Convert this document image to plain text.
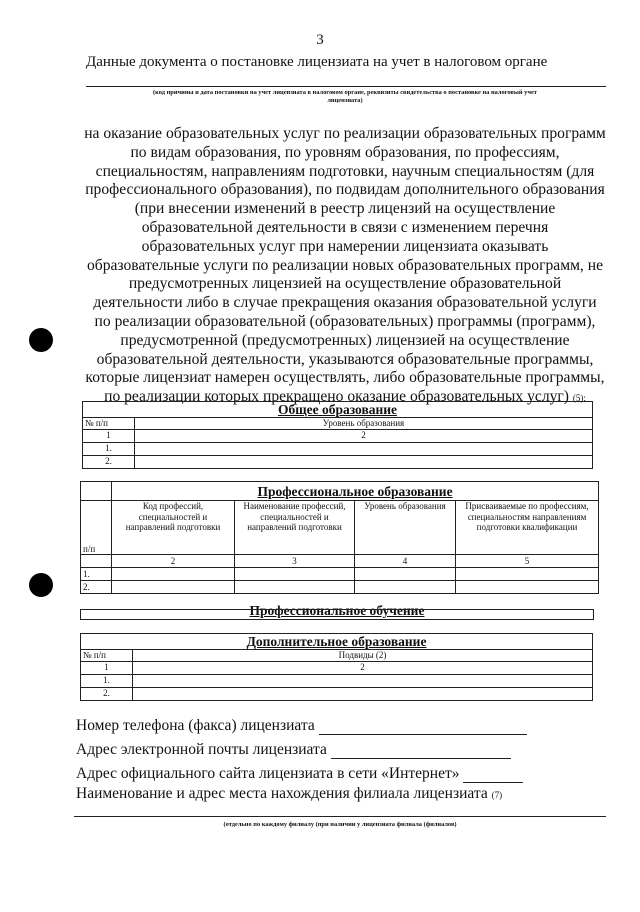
3
Данные документа о постановке лицензиата на учет в налоговом органе
(код причины и дата постановки на учет лицензиата в налоговом органе, реквизиты свидетельства о постановке на налоговый учет
лицензиата)
на оказание образовательных услуг по реализации образовательных программ по видам образования, по уровням образования, по профессиям, специальностям, направлениям подготовки, научным специальностям (для профессионального образования), по подвидам дополнительного образования (при внесении изменений в реестр лицензий на осуществление образовательной деятельности в связи с изменением перечня образовательных услуг при намерении лицензиата оказывать образовательные услуги по реализации новых образовательных программ, не предусмотренных лицензией на осуществление образовательной деятельности либо в случае прекращения оказания образовательной услуги по реализации образовательной (образовательных) программы (программ), предусмотренной (предусмотренных) лицензией на осуществление образовательной деятельности, указываются образовательные программы, которые лицензиат намерен осуществлять, либо образовательные программы, по реализации которых прекращено оказание образовательных услуг) (5):
Общее образование	
№ п/п	Уровень образования
1	2
1.	
2.	
	Профессиональное образование			
п/п	Код профессий, специальностей и направлений подготовки	Наименование профессий, специальностей и направлений подготовки	Уровень образования	Присваиваемые по профессиям, специальностям направлениям подготовки квалификации
	2	3	4	5
1.				
2.				
Профессиональное обучение
Дополнительное образование	
№ п/п	Подвиды (2)
1	2
1.	
2.	
Номер телефона (факса) лицензиата
Адрес электронной почты лицензиата
Адрес официального сайта лицензиата в сети «Интернет»
Наименование и адрес места нахождения филиала лицензиата (7)
(отдельно по каждому филиалу (при наличии у лицензиата филиала (филиалов)
